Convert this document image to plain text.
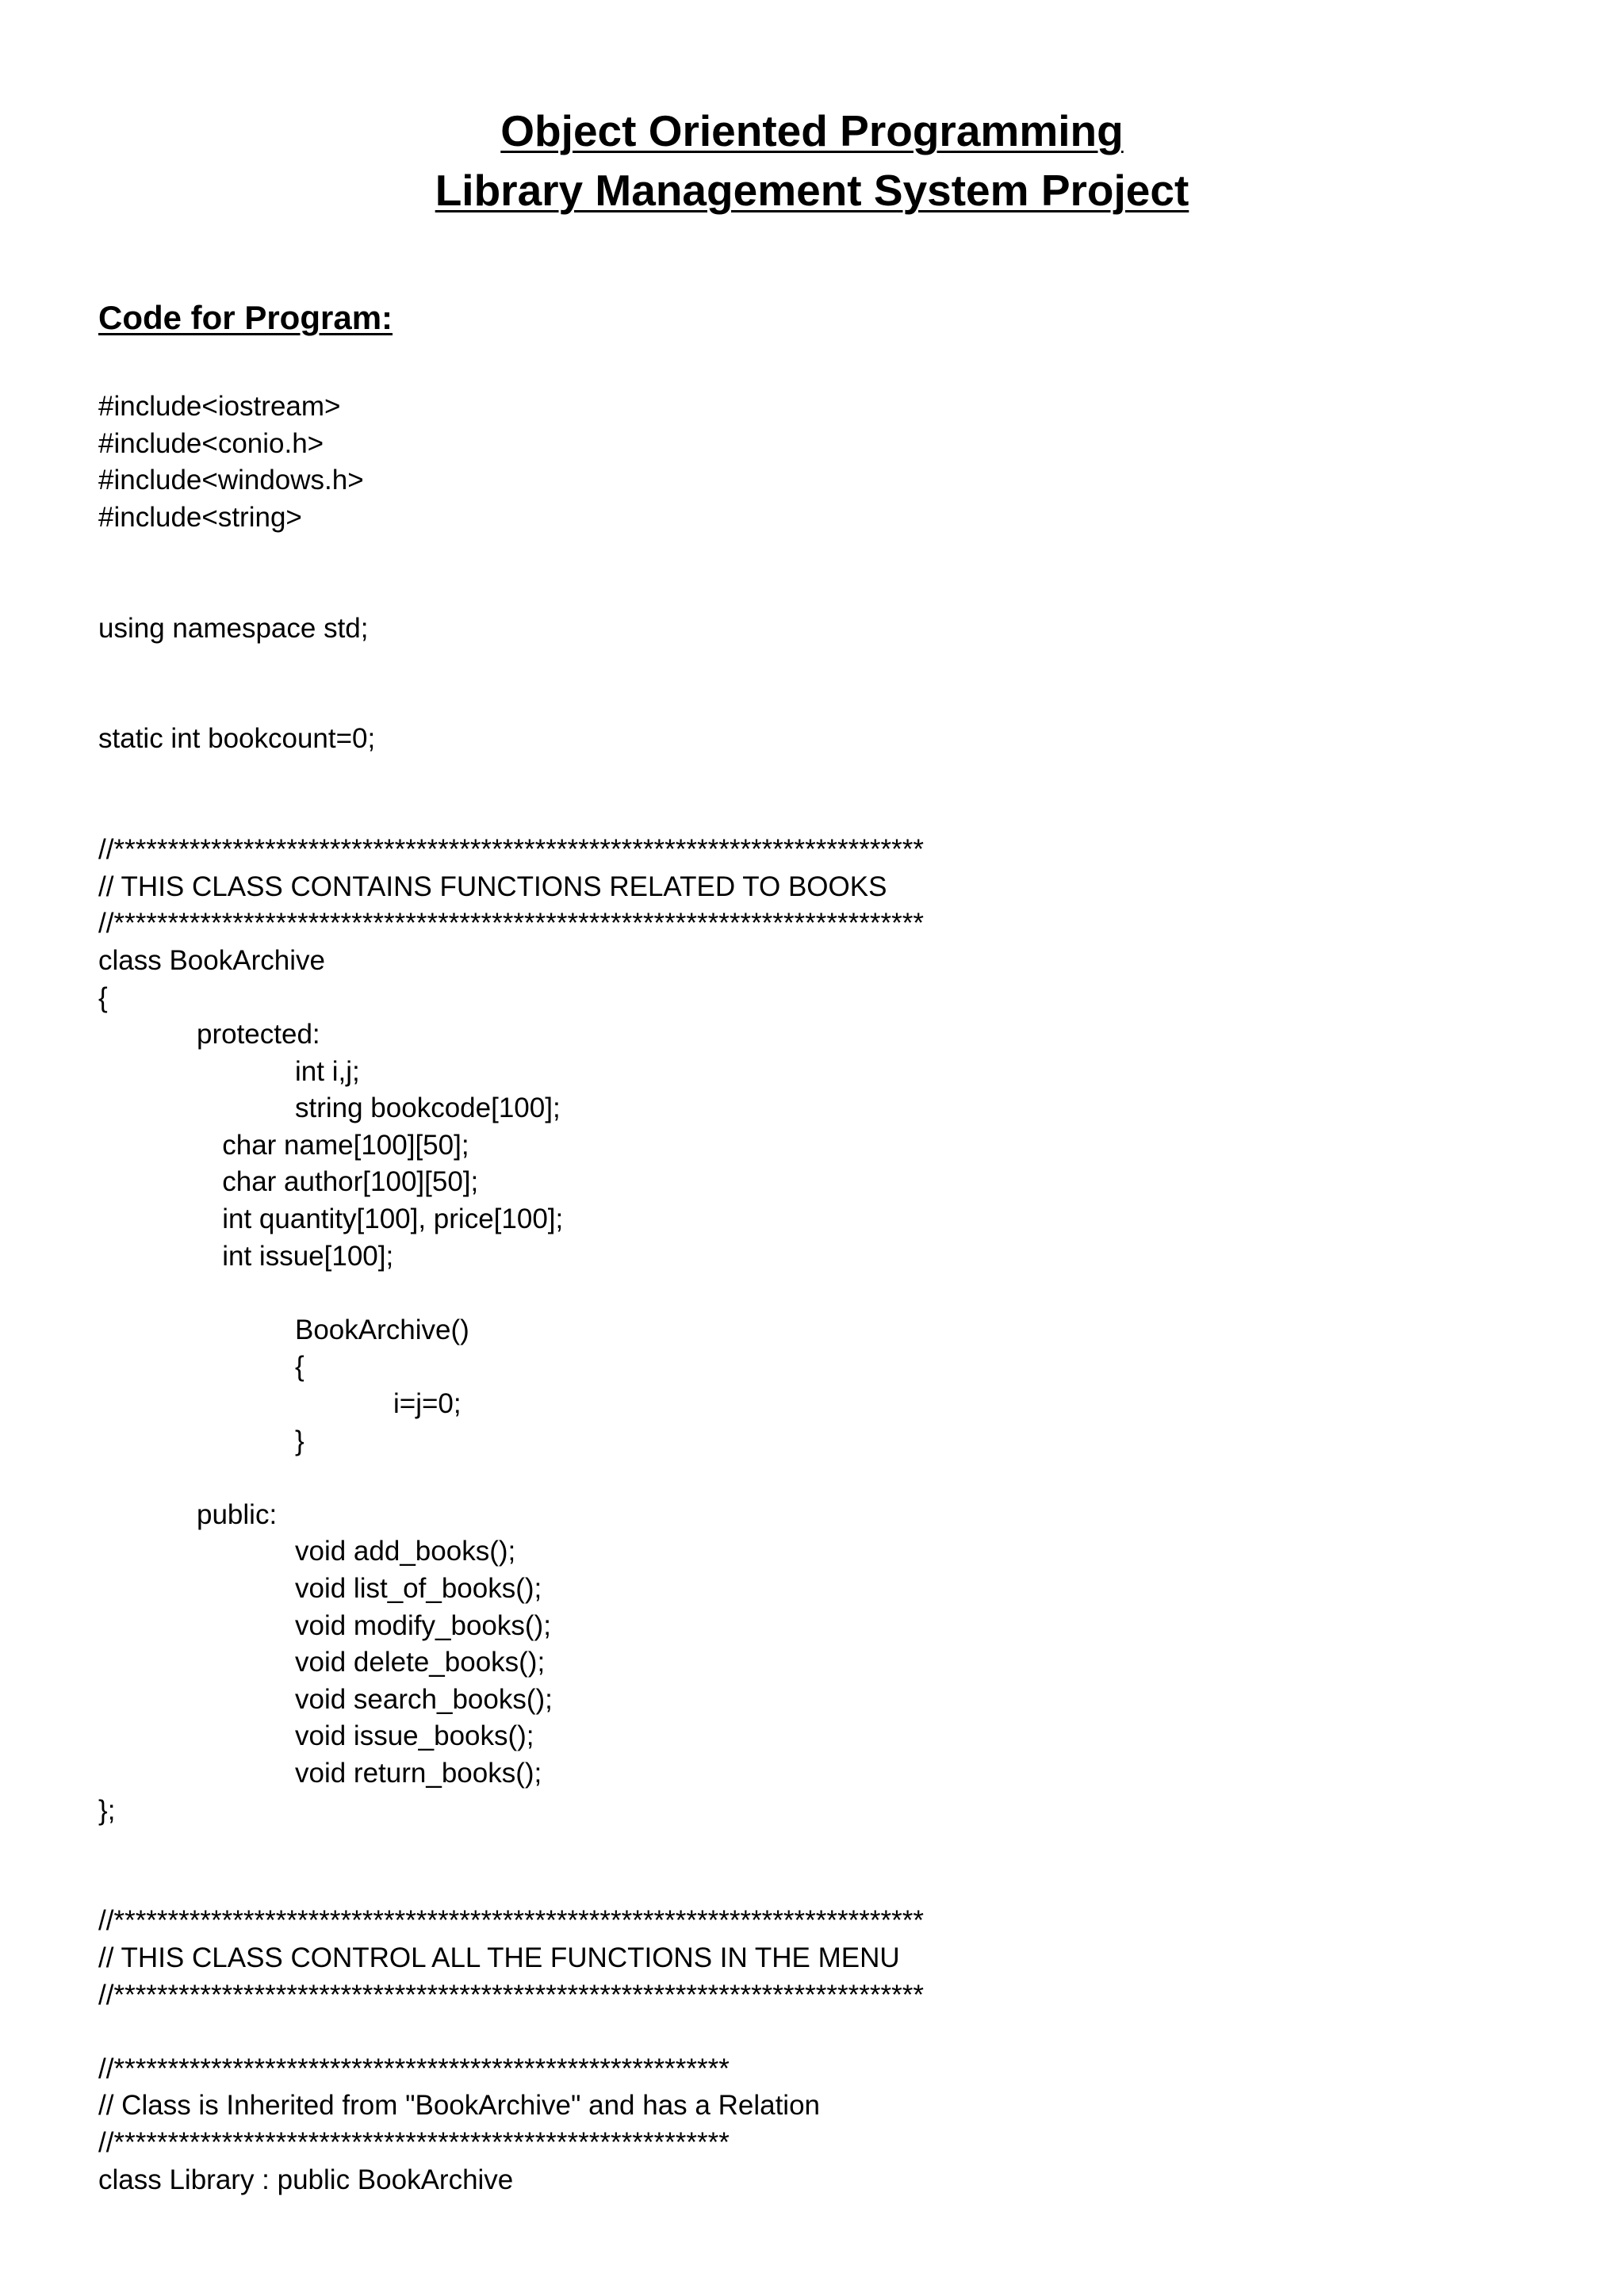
Object Oriented Programming
Library Management System Project
Code for Program:
#include<iostream>
#include<conio.h>
#include<windows.h>
#include<string>
using namespace std;
static int bookcount=0;
//***************************************************************************
// THIS CLASS CONTAINS FUNCTIONS RELATED TO BOOKS
//***************************************************************************
class BookArchive
{
protected:
int i,j;
string bookcode[100];
char name[100][50];
char author[100][50];
int quantity[100], price[100];
int issue[100];
BookArchive()
{
i=j=0;
}
public:
void add_books();
void list_of_books();
void modify_books();
void delete_books();
void search_books();
void issue_books();
void return_books();
};
//***************************************************************************
// THIS CLASS CONTROL ALL THE FUNCTIONS IN THE MENU
//***************************************************************************
//*********************************************************
// Class is Inherited from "BookArchive" and has a Relation
//*********************************************************
class Library : public BookArchive
